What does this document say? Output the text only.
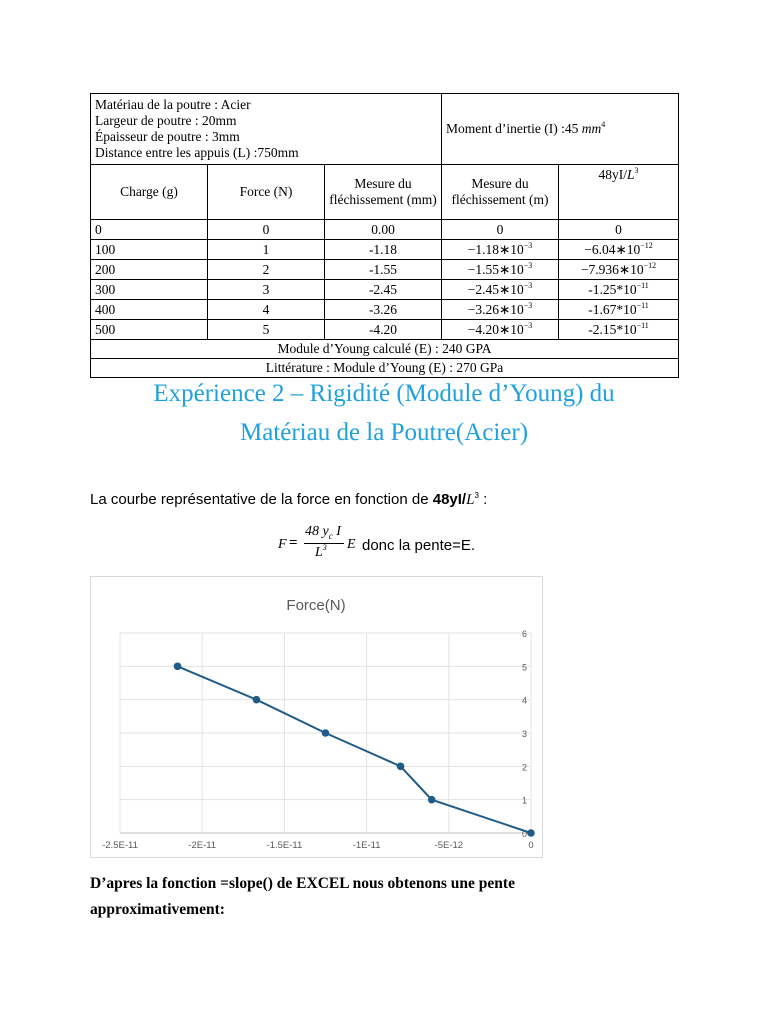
Matériau de la poutre : Acier
Largeur de poutre : 20mm
Épaisseur de poutre : 3mm
Distance entre les appuis (L) :750mm			Moment d’inertie (I) :45 $mm^4$
Charge (g)	Force (N)	Mesure du fléchissement (mm)	Mesure du fléchissement (m)	$48yI/L^3$
0	0	0.00	0	0
100	1	-1.18	$-1.18∗10^{-3}$	$-6.04∗10^{-12}$
200	2	-1.55	$-1.55∗10^{-3}$	$-7.936∗10^{-12}$
300	3	-2.45	$-2.45∗10^{-3}$	$-1.25*10^{-11}$
400	4	-3.26	$-3.26∗10^{-3}$	$-1.67*10^{-11}$
500	5	-4.20	$-4.20∗10^{-3}$	$-2.15*10^{-11}$
Module d’Young calculé (E) : 240 GPA				
Littérature : Module d’Young (E) : 270 GPa				
Expérience 2 – Rigidité (Module d’Young) du
Matériau de la Poutre(Acier)
La courbe représentative de la force en fonction de $48yI/L^3$ :
F =
48 $y_c$ I
$L^3$ E donc la pente=E.
Force(N)
0
1
2
3
4
5
6
-2.5E-11	-2E-11	-1.5E-11	-1E-11	-5E-12	0
D’apres la fonction =slope() de EXCEL nous obtenons une pente
approximativement:
